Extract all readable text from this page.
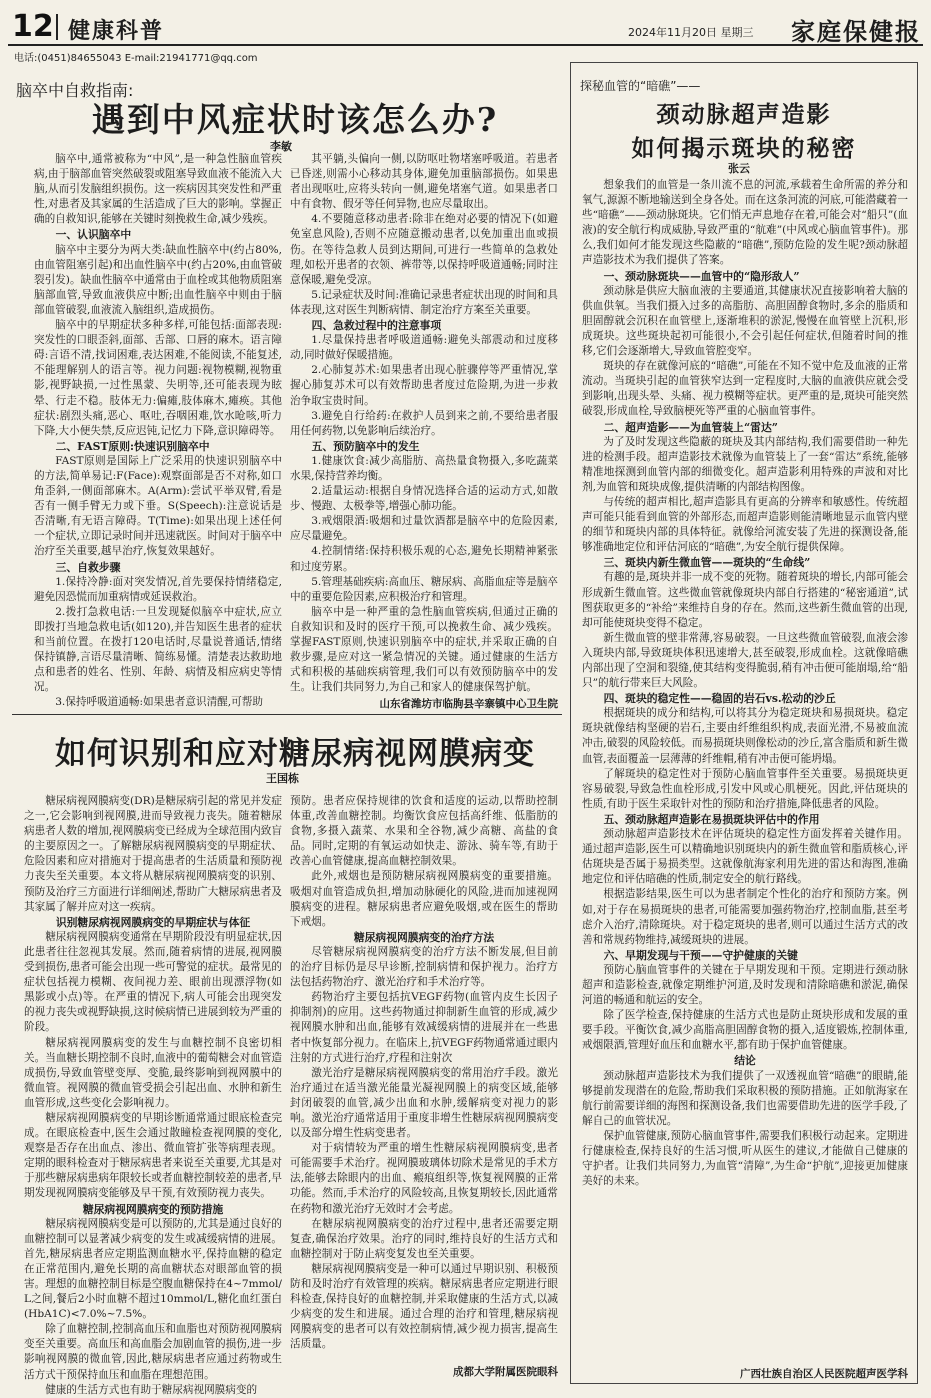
12 健康科普	2024年11月20日 星期三 家庭保健报
电话:(0451)84655043 E-mail:21941771@qq.com
脑卒中自救指南:
遇到中风症状时该怎么办?
李敏
脑卒中,通常被称为“中风”,是一种急性脑血管疾病,由于脑部血管突然破裂或阻塞导致血液不能流入大脑,从而引发脑组织损伤。这一疾病因其突发性和严重性,对患者及其家属的生活造成了巨大的影响。掌握正确的自救知识,能够在关键时刻挽救生命,减少残疾。
一、认识脑卒中
脑卒中主要分为两大类:缺血性脑卒中(约占80%,由血管阻塞引起)和出血性脑卒中(约占20%,由血管破裂引发)。缺血性脑卒中通常由于血栓或其他物质阻塞脑部血管,导致血液供应中断;出血性脑卒中则由于脑部血管破裂,血液流入脑组织,造成损伤。
脑卒中的早期症状多种多样,可能包括:面部表现:突发性的口眼歪斜,面部、舌部、口唇的麻木。语言障碍:言语不清,找词困难,表达困难,不能阅读,不能复述,不能理解别人的语言等。视力问题:视物模糊,视物重影,视野缺损,一过性黑蒙、失明等,还可能表现为眩晕、行走不稳。肢体无力:偏瘫,肢体麻木,瘫痪。其他症状:剧烈头痛,恶心、呕吐,吞咽困难,饮水呛咳,听力下降,大小便失禁,反应迟钝,记忆力下降,意识障碍等。
二、FAST原则:快速识别脑卒中
FAST原则是国际上广泛采用的快速识别脑卒中的方法,简单易记:F(Face):观察面部是否不对称,如口角歪斜,一侧面部麻木。A(Arm):尝试平举双臂,看是否有一侧手臂无力或下垂。S(Speech):注意说话是否清晰,有无语言障碍。T(Time):如果出现上述任何一个症状,立即记录时间并迅速就医。时间对于脑卒中治疗至关重要,越早治疗,恢复效果越好。
三、自救步骤
1.保持冷静:面对突发情况,首先要保持情绪稳定,避免因恐慌而加重病情或延误救治。
2.拨打急救电话:一旦发现疑似脑卒中症状,应立即拨打当地急救电话(如120),并告知医生患者的症状和当前位置。在拨打120电话时,尽量说普通话,情绪保持镇静,言语尽量清晰、简练易懂。清楚表达救助地点和患者的姓名、性别、年龄、病情及相应病史等情况。
3.保持呼吸道通畅:如果患者意识清醒,可帮助
其平躺,头偏向一侧,以防呕吐物堵塞呼吸道。若患者已昏迷,则需小心移动其身体,避免加重脑部损伤。如果患者出现呕吐,应将头转向一侧,避免堵塞气道。如果患者口中有食物、假牙等任何异物,也应尽量取出。
4.不要随意移动患者:除非在绝对必要的情况下(如避免室息风险),否则不应随意搬动患者,以免加重出血或损伤。在等待急救人员到达期间,可进行一些简单的急救处理,如松开患者的衣领、裤带等,以保持呼吸道通畅;同时注意保暖,避免受凉。
5.记录症状及时间:准确记录患者症状出现的时间和具体表现,这对医生判断病情、制定治疗方案至关重要。
四、急救过程中的注意事项
1.尽量保持患者呼吸道通畅:避免头部震动和过度移动,同时做好保暖措施。
2.心肺复苏术:如果患者出现心脏骤停等严重情况,掌握心肺复苏术可以有效帮助患者度过危险期,为进一步救治争取宝贵时间。
3.避免自行给药:在救护人员到来之前,不要给患者服用任何药物,以免影响后续治疗。
五、预防脑卒中的发生
1.健康饮食:减少高脂肪、高热量食物摄入,多吃蔬菜水果,保持营养均衡。
2.适量运动:根据自身情况选择合适的运动方式,如散步、慢跑、太极拳等,增强心肺功能。
3.戒烟限酒:吸烟和过量饮酒都是脑卒中的危险因素,应尽量避免。
4.控制情绪:保持积极乐观的心态,避免长期精神紧张和过度劳累。
5.管理基础疾病:高血压、糖尿病、高脂血症等是脑卒中的重要危险因素,应积极治疗和管理。
脑卒中是一种严重的急性脑血管疾病,但通过正确的自救知识和及时的医疗干预,可以挽救生命、减少残疾。掌握FAST原则,快速识别脑卒中的症状,并采取正确的自救步骤,是应对这一紧急情况的关键。通过健康的生活方式和积极的基础疾病管理,我们可以有效预防脑卒中的发生。让我们共同努力,为自己和家人的健康保驾护航。
山东省潍坊市临朐县辛寨镇中心卫生院
如何识别和应对糖尿病视网膜病变
王国栋
糖尿病视网膜病变(DR)是糖尿病引起的常见并发症之一,它会影响到视网膜,进而导致视力丧失。随着糖尿病患者人数的增加,视网膜病变已经成为全球范围内致盲的主要原因之一。了解糖尿病视网膜病变的早期症状、危险因素和应对措施对于提高患者的生活质量和预防视力丧失至关重要。本文将从糖尿病视网膜病变的识别、预防及治疗三方面进行详细阐述,帮助广大糖尿病患者及其家属了解并应对这一疾病。
识别糖尿病视网膜病变的早期症状与体征
糖尿病视网膜病变通常在早期阶段没有明显症状,因此患者往往忽视其发展。然而,随着病情的进展,视网膜受到损伤,患者可能会出现一些可警觉的症状。最常见的症状包括视力模糊、夜间视力差、眼前出现漂浮物(如黑影或小点)等。在严重的情况下,病人可能会出现突发的视力丧失或视野缺损,这时候病情已进展到较为严重的阶段。
糖尿病视网膜病变的发生与血糖控制不良密切相关。当血糖长期控制不良时,血液中的葡萄糖会对血管造成损伤,导致血管壁变厚、变脆,最终影响到视网膜中的微血管。视网膜的微血管受损会引起出血、水肿和新生血管形成,这些变化会影响视力。
糖尿病视网膜病变的早期诊断通常通过眼底检查完成。在眼底检查中,医生会通过散瞳检查视网膜的变化,观察是否存在出血点、渗出、微血管扩张等病理表现。定期的眼科检查对于糖尿病患者来说至关重要,尤其是对于那些糖尿病患病年限较长或者血糖控制较差的患者,早期发现视网膜病变能够及早干预,有效预防视力丧失。
糖尿病视网膜病变的预防措施
糖尿病视网膜病变是可以预防的,尤其是通过良好的血糖控制可以显著减少病变的发生或减缓病情的进展。首先,糖尿病患者应定期监测血糖水平,保持血糖的稳定在正常范围内,避免长期的高血糖状态对眼部血管的损害。理想的血糖控制目标是空腹血糖保持在4~7mmol/L之间,餐后2小时血糖不超过10mmol/L,糖化血红蛋白(HbA1C)<7.0%~7.5%。
除了血糖控制,控制高血压和血脂也对预防视网膜病变至关重要。高血压和高血脂会加剧血管的损伤,进一步影响视网膜的微血管,因此,糖尿病患者应通过药物或生活方式干预保持血压和血脂在理想范围。
健康的生活方式也有助于糖尿病视网膜病变的
预防。患者应保持规律的饮食和适度的运动,以帮助控制体重,改善血糖控制。均衡饮食应包括高纤维、低脂肪的食物,多摄入蔬菜、水果和全谷物,减少高糖、高盐的食品。同时,定期的有氧运动如快走、游泳、骑车等,有助于改善心血管健康,提高血糖控制效果。
此外,戒烟也是预防糖尿病视网膜病变的重要措施。吸烟对血管造成负担,增加动脉硬化的风险,进而加速视网膜病变的进程。糖尿病患者应避免吸烟,或在医生的帮助下戒烟。
糖尿病视网膜病变的治疗方法
尽管糖尿病视网膜病变的治疗方法不断发展,但目前的治疗目标仍是尽早诊断,控制病情和保护视力。治疗方法包括药物治疗、激光治疗和手术治疗等。
药物治疗主要包括抗VEGF药物(血管内皮生长因子抑制剂)的应用。这些药物通过抑制新生血管的形成,减少视网膜水肿和出血,能够有效减缓病情的进展并在一些患者中恢复部分视力。在临床上,抗VEGF药物通常通过眼内注射的方式进行治疗,疗程和注射次
激光治疗是糖尿病视网膜病变的常用治疗手段。激光治疗通过在适当激光能量光凝视网膜上的病变区域,能够封闭破裂的血管,减少出血和水肿,缓解病变对视力的影响。激光治疗通常适用于重度非增生性糖尿病视网膜病变以及部分增生性病变患者。
对于病情较为严重的增生性糖尿病视网膜病变,患者可能需要手术治疗。视网膜玻璃体切除术是常见的手术方法,能够去除眼内的出血、瘢痕组织等,恢复视网膜的正常功能。然而,手术治疗的风险较高,且恢复期较长,因此通常在药物和激光治疗无效时才会考虑。
在糖尿病视网膜病变的治疗过程中,患者还需要定期复查,确保治疗效果。治疗的同时,维持良好的生活方式和血糖控制对于防止病变复发也至关重要。
糖尿病视网膜病变是一种可以通过早期识别、积极预防和及时治疗有效管理的疾病。糖尿病患者应定期进行眼科检查,保持良好的血糖控制,并采取健康的生活方式,以减少病变的发生和进展。通过合理的治疗和管理,糖尿病视网膜病变的患者可以有效控制病情,减少视力损害,提高生活质量。
成都大学附属医院眼科
探秘血管的“暗礁”——
颈动脉超声造影
如何揭示斑块的秘密
张云
想象我们的血管是一条川流不息的河流,承载着生命所需的养分和氧气,源源不断地输送到全身各处。而在这条河流的河底,可能潜藏着一些“暗礁”——颈动脉斑块。它们悄无声息地存在着,可能会对“船只”(血液)的安全航行构成威胁,导致严重的“航难”(中风或心脑血管事件)。那么,我们如何才能发现这些隐蔽的“暗礁”,预防危险的发生呢?颈动脉超声造影技术为我们提供了答案。
一、颈动脉斑块——血管中的“隐形敌人”
颈动脉是供应大脑血液的主要通道,其健康状况直接影响着大脑的供血供氧。当我们摄入过多的高脂肪、高胆固醇食物时,多余的脂质和胆固醇就会沉积在血管壁上,逐渐堆积的淤泥,慢慢在血管壁上沉积,形成斑块。这些斑块起初可能很小,不会引起任何症状,但随着时间的推移,它们会逐渐增大,导致血管腔变窄。
斑块的存在就像河底的“暗礁”,可能在不知不觉中危及血液的正常流动。当斑块引起的血管狭窄达到一定程度时,大脑的血液供应就会受到影响,出现头晕、头痛、视力模糊等症状。更严重的是,斑块可能突然破裂,形成血栓,导致脑梗死等严重的心脑血管事件。
二、超声造影——为血管装上“雷达”
为了及时发现这些隐蔽的斑块及其内部结构,我们需要借助一种先进的检测手段。超声造影技术就像为血管装上了一套“雷达”系统,能够精准地探测到血管内部的细微变化。超声造影利用特殊的声波和对比剂,为血管和斑块成像,提供清晰的内部结构图像。
与传统的超声相比,超声造影具有更高的分辨率和敏感性。传统超声可能只能看到血管的外部形态,而超声造影则能清晰地显示血管内壁的细节和斑块内部的具体特征。就像给河流安装了先进的探测设备,能够准确地定位和评估河底的“暗礁”,为安全航行提供保障。
三、斑块内新生微血管——斑块的“生命线”
有趣的是,斑块并非一成不变的死物。随着斑块的增长,内部可能会形成新生微血管。这些微血管就像斑块内部自行搭建的“秘密通道”,试图获取更多的“补给”来维持自身的存在。然而,这些新生微血管的出现,却可能使斑块变得不稳定。
新生微血管的壁非常薄,容易破裂。一旦这些微血管破裂,血液会渗入斑块内部,导致斑块体积迅速增大,甚至破裂,形成血栓。这就像暗礁内部出现了空洞和裂缝,使其结构变得脆弱,稍有冲击便可能崩塌,给“船只”的航行带来巨大风险。
四、斑块的稳定性——稳固的岩石vs.松动的沙丘
根据斑块的成分和结构,可以将其分为稳定斑块和易损斑块。稳定斑块就像结构坚硬的岩石,主要由纤维组织构成,表面光滑,不易被血流冲击,破裂的风险较低。而易损斑块则像松动的沙丘,富含脂质和新生微血管,表面覆盖一层薄薄的纤维帽,稍有冲击便可能坍塌。
了解斑块的稳定性对于预防心脑血管事件至关重要。易损斑块更容易破裂,导致急性血栓形成,引发中风或心肌梗死。因此,评估斑块的性质,有助于医生采取针对性的预防和治疗措施,降低患者的风险。
五、颈动脉超声造影在易损斑块评估中的作用
颈动脉超声造影技术在评估斑块的稳定性方面发挥着关键作用。通过超声造影,医生可以精确地识别斑块内的新生微血管和脂质核心,评估斑块是否属于易损类型。这就像航海家利用先进的雷达和海图,准确地定位和评估暗礁的性质,制定安全的航行路线。
根据造影结果,医生可以为患者制定个性化的治疗和预防方案。例如,对于存在易损斑块的患者,可能需要加强药物治疗,控制血脂,甚至考虑介入治疗,清除斑块。对于稳定斑块的患者,则可以通过生活方式的改善和常规药物维持,减缓斑块的进展。
六、早期发现与干预——守护健康的关键
预防心脑血管事件的关键在于早期发现和干预。定期进行颈动脉超声和造影检查,就像定期维护河道,及时发现和清除暗礁和淤泥,确保河道的畅通和航运的安全。
除了医学检查,保持健康的生活方式也是防止斑块形成和发展的重要手段。平衡饮食,减少高脂高胆固醇食物的摄入,适度锻炼,控制体重,戒烟限酒,管理好血压和血糖水平,都有助于保护血管健康。
结论
颈动脉超声造影技术为我们提供了一双透视血管“暗礁”的眼睛,能够提前发现潜在的危险,帮助我们采取积极的预防措施。正如航海家在航行前需要详细的海图和探测设备,我们也需要借助先进的医学手段,了解自己的血管状况。
保护血管健康,预防心脑血管事件,需要我们积极行动起来。定期进行健康检查,保持良好的生活习惯,听从医生的建议,才能做自己健康的守护者。让我们共同努力,为血管“清障”,为生命“护航”,迎接更加健康美好的未来。
广西壮族自治区人民医院超声医学科
